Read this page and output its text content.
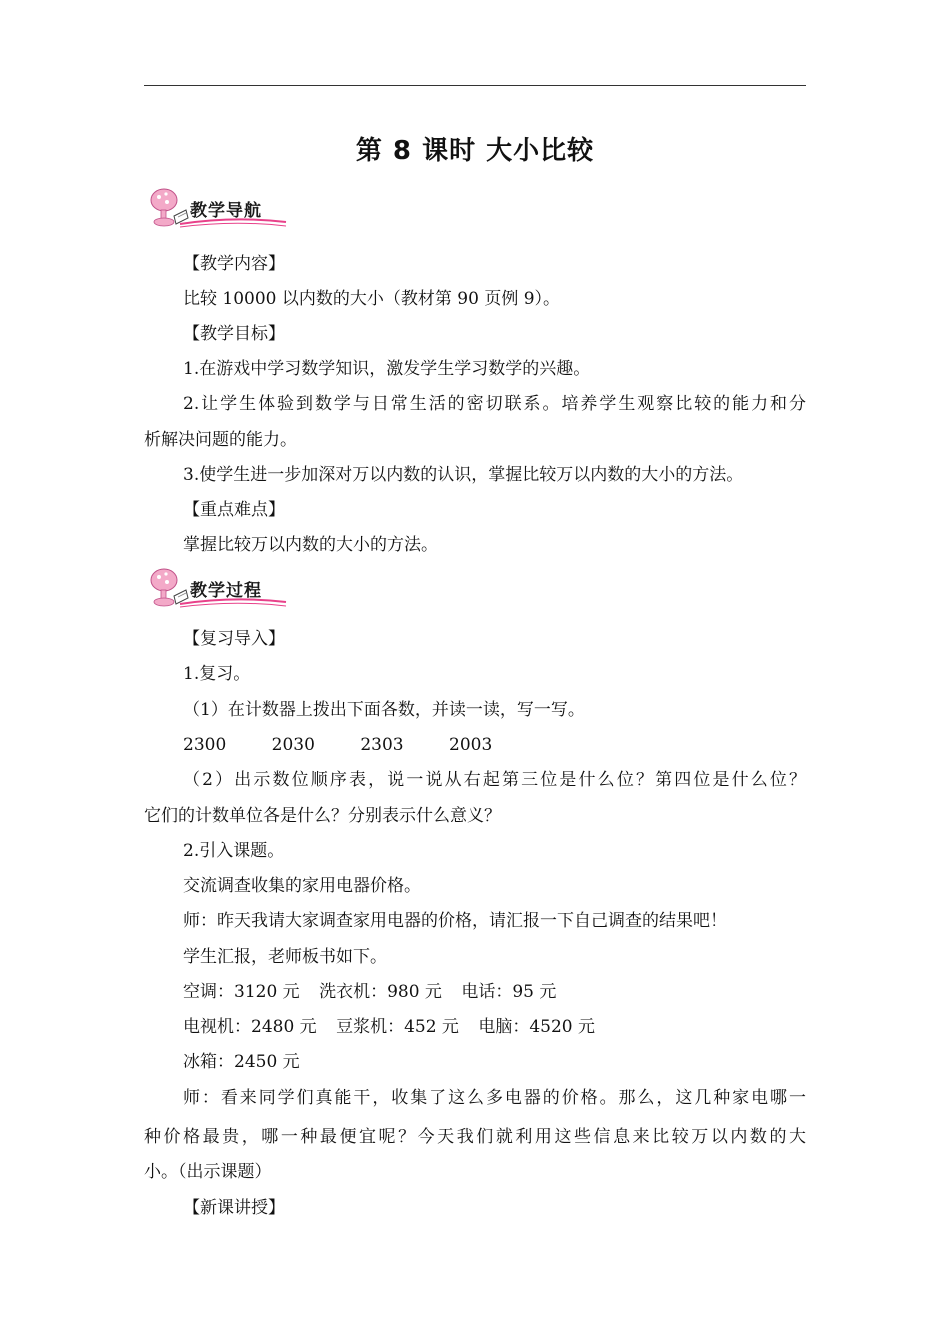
第 8 课时 大小比较
教学导航
教学过程
【教学内容】
比较 10000 以内数的大小（教材第 90 页例 9）。
【教学目标】
1.在游戏中学习数学知识，激发学生学习数学的兴趣。
2.让学生体验到数学与日常生活的密切联系。培养学生观察比较的能力和分
析解决问题的能力。
3.使学生进一步加深对万以内数的认识，掌握比较万以内数的大小的方法。
【重点难点】
掌握比较万以内数的大小的方法。
【复习导入】
1.复习。
（1）在计数器上拨出下面各数，并读一读，写一写。
2300	2030	2303	2003
（2）出示数位顺序表，说一说从右起第三位是什么位？第四位是什么位？
它们的计数单位各是什么？分别表示什么意义？
2.引入课题。
交流调查收集的家用电器价格。
师：昨天我请大家调查家用电器的价格，请汇报一下自己调查的结果吧！
学生汇报，老师板书如下。
空调：3120 元 洗衣机：980 元 电话：95 元
电视机：2480 元 豆浆机：452 元 电脑：4520 元
冰箱：2450 元
师：看来同学们真能干，收集了这么多电器的价格。那么，这几种家电哪一
种价格最贵，哪一种最便宜呢？今天我们就利用这些信息来比较万以内数的大
小。（出示课题）
【新课讲授】
